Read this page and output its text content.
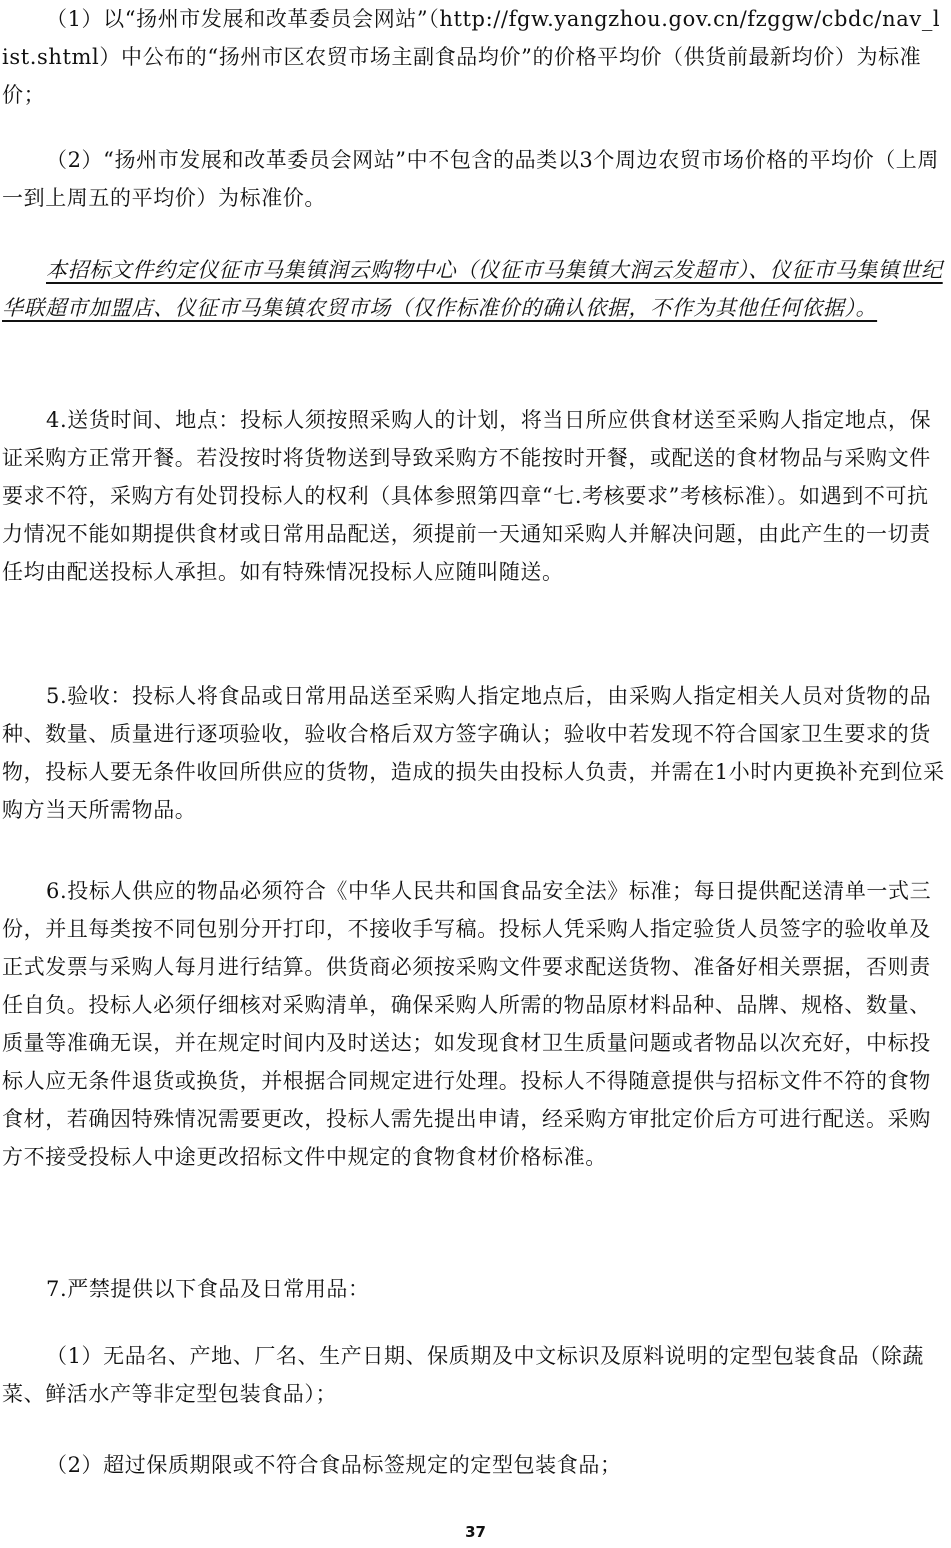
（1）以“扬州市发展和改革委员会网站”（http://fgw.yangzhou.gov.cn/fzggw/cbdc/nav_list.shtml）中公布的“扬州市区农贸市场主副食品均价”的价格平均价（供货前最新均价）为标准价；

（2）“扬州市发展和改革委员会网站”中不包含的品类以3个周边农贸市场价格的平均价（上周一到上周五的平均价）为标准价。

本招标文件约定仪征市马集镇润云购物中心（仪征市马集镇大润云发超市）、仪征市马集镇世纪华联超市加盟店、仪征市马集镇农贸市场（仅作标准价的确认依据，不作为其他任何依据）。

4.送货时间、地点：投标人须按照采购人的计划，将当日所应供食材送至采购人指定地点，保证采购方正常开餐。若没按时将货物送到导致采购方不能按时开餐，或配送的食材物品与采购文件要求不符，采购方有处罚投标人的权利（具体参照第四章“七.考核要求”考核标准）。如遇到不可抗力情况不能如期提供食材或日常用品配送，须提前一天通知采购人并解决问题，由此产生的一切责任均由配送投标人承担。如有特殊情况投标人应随叫随送。

5.验收：投标人将食品或日常用品送至采购人指定地点后，由采购人指定相关人员对货物的品种、数量、质量进行逐项验收，验收合格后双方签字确认；验收中若发现不符合国家卫生要求的货物，投标人要无条件收回所供应的货物，造成的损失由投标人负责，并需在1小时内更换补充到位采购方当天所需物品。

6.投标人供应的物品必须符合《中华人民共和国食品安全法》标准；每日提供配送清单一式三份，并且每类按不同包别分开打印，不接收手写稿。投标人凭采购人指定验货人员签字的验收单及正式发票与采购人每月进行结算。供货商必须按采购文件要求配送货物、准备好相关票据，否则责任自负。投标人必须仔细核对采购清单，确保采购人所需的物品原材料品种、品牌、规格、数量、质量等准确无误，并在规定时间内及时送达；如发现食材卫生质量问题或者物品以次充好，中标投标人应无条件退货或换货，并根据合同规定进行处理。投标人不得随意提供与招标文件不符的食物食材，若确因特殊情况需要更改，投标人需先提出申请，经采购方审批定价后方可进行配送。采购方不接受投标人中途更改招标文件中规定的食物食材价格标准。

7.严禁提供以下食品及日常用品：

（1）无品名、产地、厂名、生产日期、保质期及中文标识及原料说明的定型包装食品（除蔬菜、鲜活水产等非定型包装食品）；

（2）超过保质期限或不符合食品标签规定的定型包装食品；

37
